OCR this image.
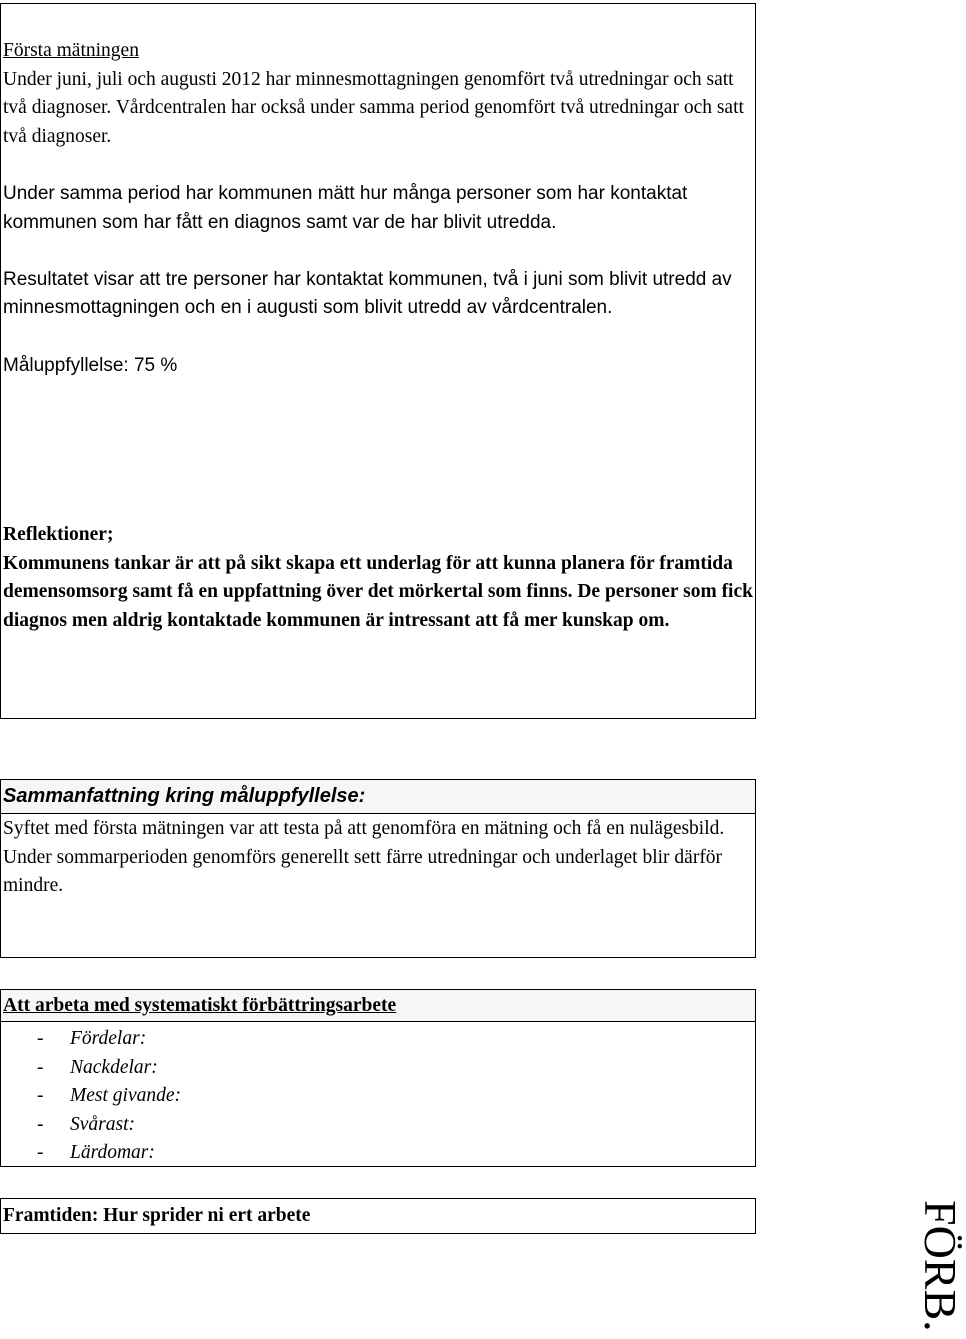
Första mätningen

Under juni, juli och augusti 2012 har minnesmottagningen genomfört två utredningar och satt två diagnoser. Vårdcentralen har också under samma period genomfört två utredningar och satt två diagnoser.

Under samma period har kommunen mätt hur många personer som har kontaktat kommunen som har fått en diagnos samt var de har blivit utredda.

Resultatet visar att tre personer har kontaktat kommunen, två i juni som blivit utredd av minnesmottagningen och en i augusti som blivit utredd av vårdcentralen.

Måluppfyllelse: 75 %

Reflektioner;

Kommunens tankar är att på sikt skapa ett underlag för att kunna planera för framtida demensomsorg samt få en uppfattning över det mörkertal som finns. De personer som fick diagnos men aldrig kontaktade kommunen är intressant att få mer kunskap om.

Sammanfattning kring måluppfyllelse:

Syftet med första mätningen var att testa på att genomföra en mätning och få en nulägesbild. Under sommarperioden genomförs generellt sett färre utredningar och underlaget blir därför mindre.

Att arbeta med systematiskt förbättringsarbete
- Fördelar:
- Nackdelar:
- Mest givande:
- Svårast:
- Lärdomar:
Framtiden: Hur sprider ni ert arbete	FÖRB.
